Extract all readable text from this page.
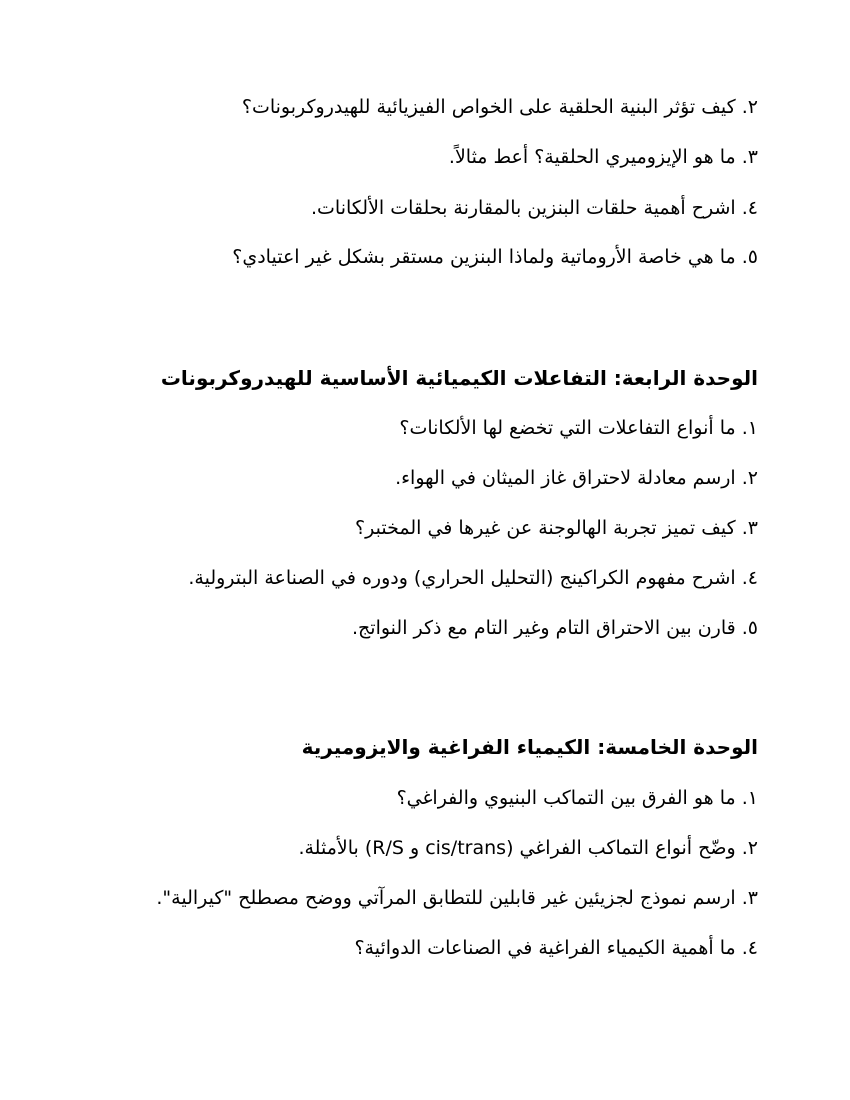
٢. كيف تؤثر البنية الحلقية على الخواص الفيزيائية للهيدروكربونات؟
٣. ما هو الإيزوميري الحلقية؟ أعط مثالاً.
٤. اشرح أهمية حلقات البنزين بالمقارنة بحلقات الألكانات.
٥. ما هي خاصة الأروماتية ولماذا البنزين مستقر بشكل غير اعتيادي؟
الوحدة الرابعة: التفاعلات الكيميائية الأساسية للهيدروكربونات
١. ما أنواع التفاعلات التي تخضع لها الألكانات؟
٢. ارسم معادلة لاحتراق غاز الميثان في الهواء.
٣. كيف تميز تجربة الهالوجنة عن غيرها في المختبر؟
٤. اشرح مفهوم الكراكينج (التحليل الحراري) ودوره في الصناعة البترولية.
٥. قارن بين الاحتراق التام وغير التام مع ذكر النواتج.
الوحدة الخامسة: الكيمياء الفراغية والايزوميرية
١. ما هو الفرق بين التماكب البنيوي والفراغي؟
٢. وضّح أنواع التماكب الفراغي (cis/trans و R/S) بالأمثلة.
٣. ارسم نموذج لجزيئين غير قابلين للتطابق المرآتي ووضح مصطلح "كيرالية".
٤. ما أهمية الكيمياء الفراغية في الصناعات الدوائية؟
